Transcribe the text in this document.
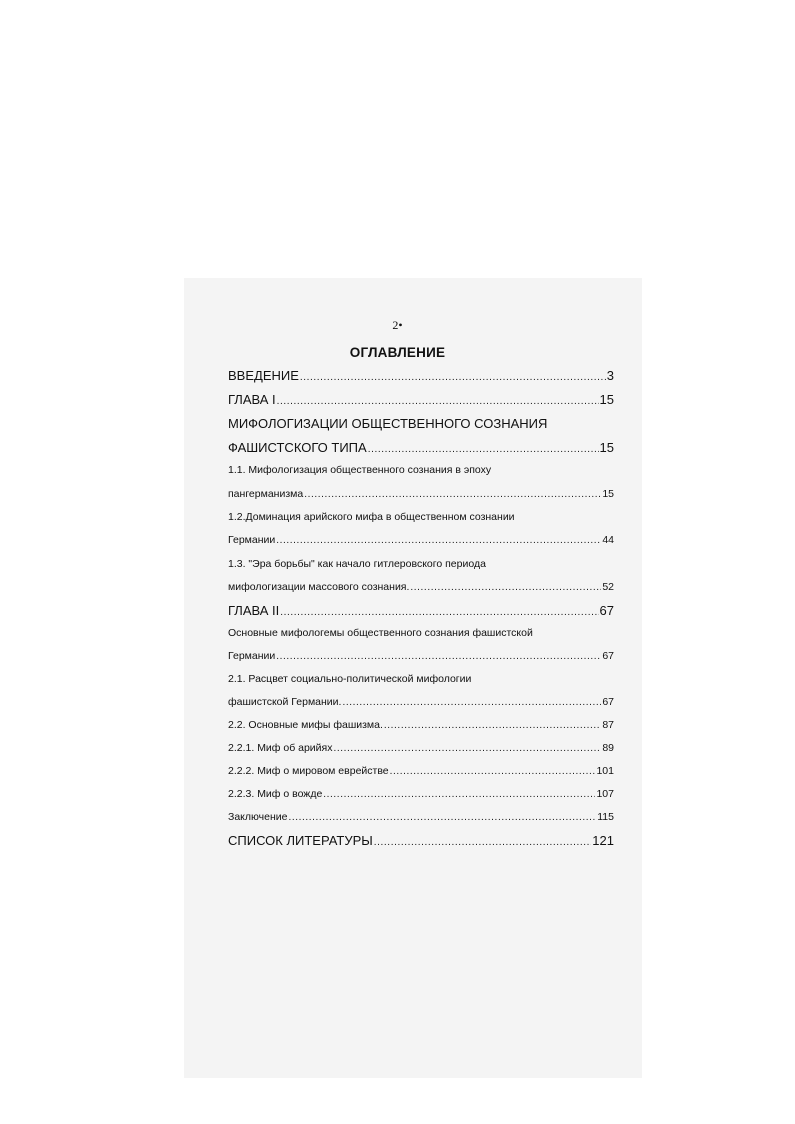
2•
ОГЛАВЛЕНИЕ
ВВЕДЕНИЕ .....	3
ГЛАВА I .....	15
МИФОЛОГИЗАЦИИ ОБЩЕСТВЕННОГО СОЗНАНИЯ
ФАШИСТСКОГО ТИПА .....	15
1.1. Мифологизация общественного сознания в эпоху
пангерманизма .....	15
1.2.Доминация арийского мифа в общественном сознании
Германии .....	44
1.3. "Эра борьбы" как начало гитлеровского периода
мифологизации массового сознания. .....	52
ГЛАВА II .....	67
Основные мифологемы общественного сознания фашистской
Германии .....	67
2.1. Расцвет социально-политической мифологии
фашистской Германии. .....	67
2.2. Основные мифы фашизма. .....	87
2.2.1. Миф об арийях .....	89
2.2.2. Миф о мировом еврействе .....	101
2.2.3. Миф о вожде .....	107
Заключение .....	115
СПИСОК ЛИТЕРАТУРЫ .....	121
